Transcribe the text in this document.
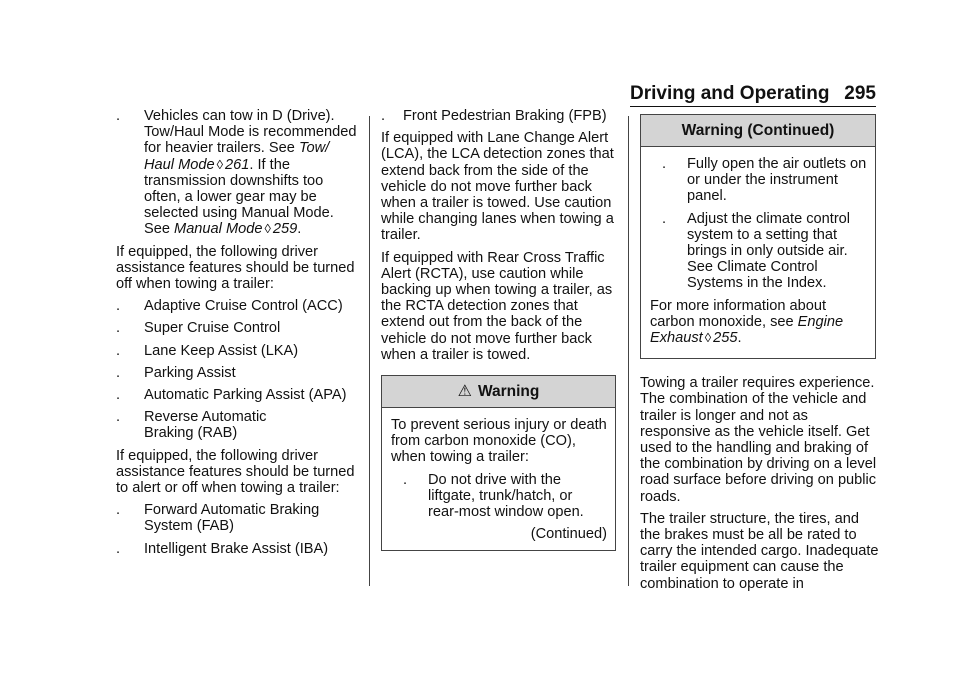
Driving and Operating 295
.	Vehicles can tow in D (Drive). Tow/Haul Mode is recommended for heavier trailers. See Tow/ Haul Mode ◊ 261. If the transmission downshifts too often, a lower gear may be selected using Manual Mode. See Manual Mode ◊ 259.

If equipped, the following driver assistance features should be turned off when towing a trailer:

.	Adaptive Cruise Control (ACC)
.	Super Cruise Control
.	Lane Keep Assist (LKA)
.	Parking Assist
.	Automatic Parking Assist (APA)
.	Reverse Automatic Braking (RAB)

If equipped, the following driver assistance features should be turned to alert or off when towing a trailer:

.	Forward Automatic Braking System (FAB)
.	Intelligent Brake Assist (IBA)
.	Front Pedestrian Braking (FPB)

If equipped with Lane Change Alert (LCA), the LCA detection zones that extend back from the side of the vehicle do not move further back when a trailer is towed. Use caution while changing lanes when towing a trailer.

If equipped with Rear Cross Traffic Alert (RCTA), use caution while backing up when towing a trailer, as the RCTA detection zones that extend out from the back of the vehicle do not move further back when a trailer is towed.

⚠ Warning

To prevent serious injury or death from carbon monoxide (CO), when towing a trailer:

.	Do not drive with the liftgate, trunk/hatch, or rear-most window open.

(Continued)

Warning (Continued)
.	Fully open the air outlets on or under the instrument panel.
.	Adjust the climate control system to a setting that brings in only outside air. See Climate Control Systems in the Index.

For more information about carbon monoxide, see Engine Exhaust ◊ 255.

Towing a trailer requires experience. The combination of the vehicle and trailer is longer and not as responsive as the vehicle itself. Get used to the handling and braking of the combination by driving on a level road surface before driving on public roads.

The trailer structure, the tires, and the brakes must be all be rated to carry the intended cargo. Inadequate trailer equipment can cause the combination to operate in
